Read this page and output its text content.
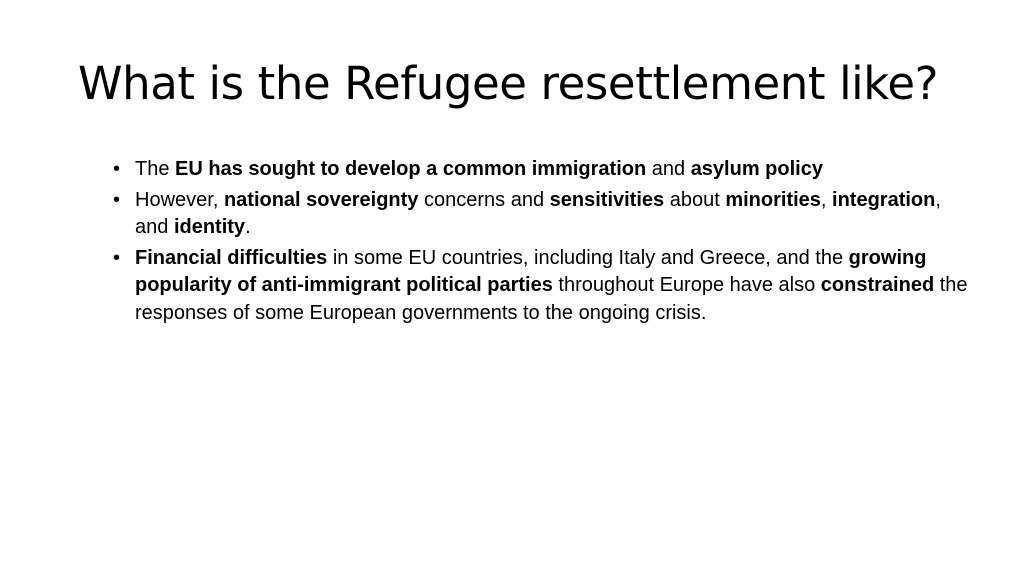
What is the Refugee resettlement like?
• The EU has sought to develop a common immigration and asylum policy
• However, national sovereignty concerns and sensitivities about minorities, integration, and identity.
• Financial difficulties in some EU countries, including Italy and Greece, and the growing popularity of anti-immigrant political parties throughout Europe have also constrained the responses of some European governments to the ongoing crisis.
